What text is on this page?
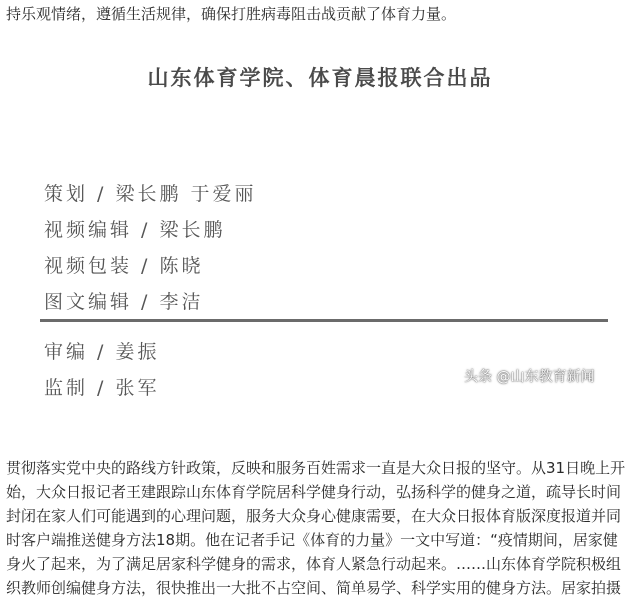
持乐观情绪，遵循生活规律，确保打胜病毒阻击战贡献了体育力量。
山东体育学院、体育晨报联合出品
策划 / 梁长鹏 于爱丽
视频编辑 / 梁长鹏
视频包装 / 陈晓
图文编辑 / 李洁
审编 / 姜振
监制 / 张军	头条 @山东教育新闻
贯彻落实党中央的路线方针政策，反映和服务百姓需求一直是大众日报的坚守。从31日晚上开
始，大众日报记者王建跟踪山东体育学院居科学健身行动，弘扬科学的健身之道，疏导长时间
封闭在家人们可能遇到的心理问题，服务大众身心健康需要，在大众日报体育版深度报道并同
时客户端推送健身方法18期。他在记者手记《体育的力量》一文中写道：“疫情期间，居家健
身火了起来，为了满足居家科学健身的需求，体育人紧急行动起来。……山东体育学院积极组
织教师创编健身方法，很快推出一大批不占空间、简单易学、科学实用的健身方法。居家拍摄
